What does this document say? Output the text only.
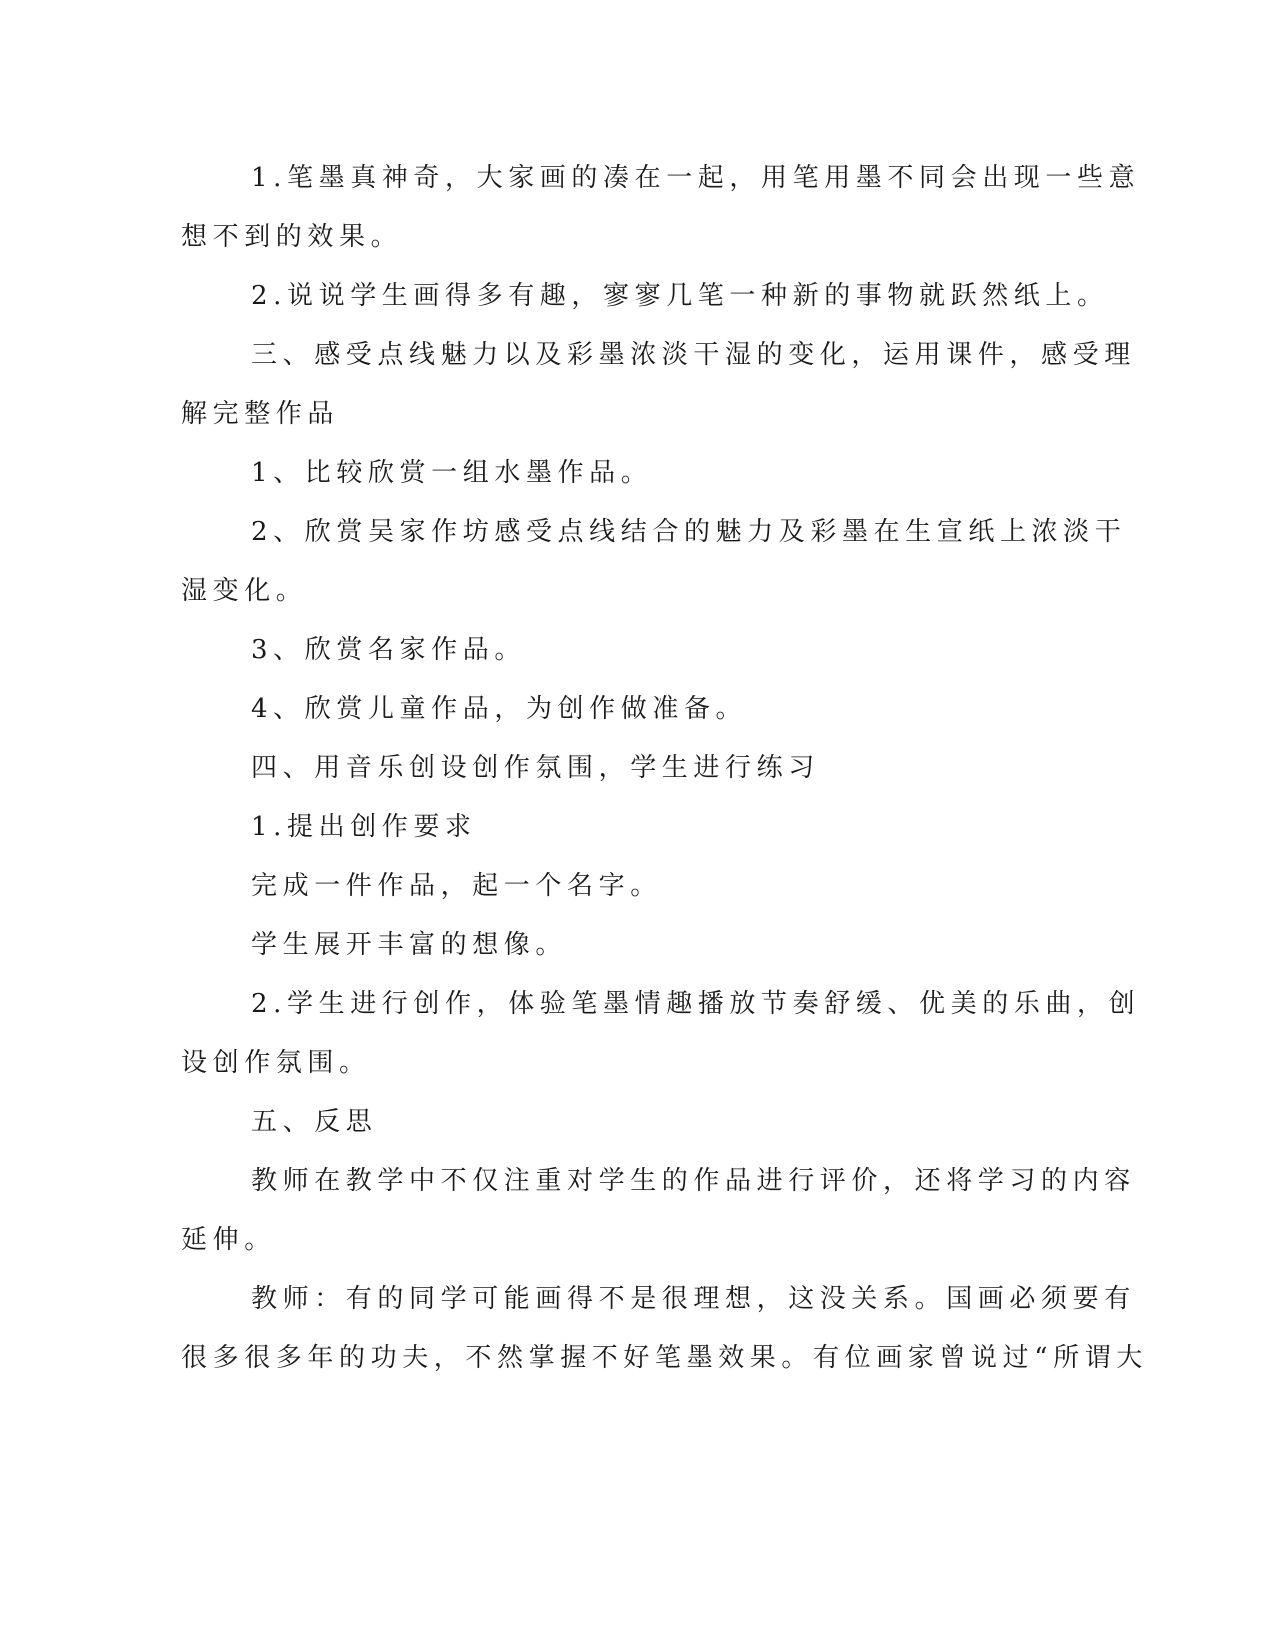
1.笔墨真神奇，大家画的凑在一起，用笔用墨不同会出现一些意
想不到的效果。
2.说说学生画得多有趣，寥寥几笔一种新的事物就跃然纸上。
三、感受点线魅力以及彩墨浓淡干湿的变化，运用课件，感受理
解完整作品
1、比较欣赏一组水墨作品。
2、欣赏吴家作坊感受点线结合的魅力及彩墨在生宣纸上浓淡干
湿变化。
3、欣赏名家作品。
4、欣赏儿童作品，为创作做准备。
四、用音乐创设创作氛围，学生进行练习
1.提出创作要求
完成一件作品，起一个名字。
学生展开丰富的想像。
2.学生进行创作，体验笔墨情趣播放节奏舒缓、优美的乐曲，创
设创作氛围。
五、反思
教师在教学中不仅注重对学生的作品进行评价，还将学习的内容
延伸。
教师：有的同学可能画得不是很理想，这没关系。国画必须要有
很多很多年的功夫，不然掌握不好笔墨效果。有位画家曾说过“所谓大
